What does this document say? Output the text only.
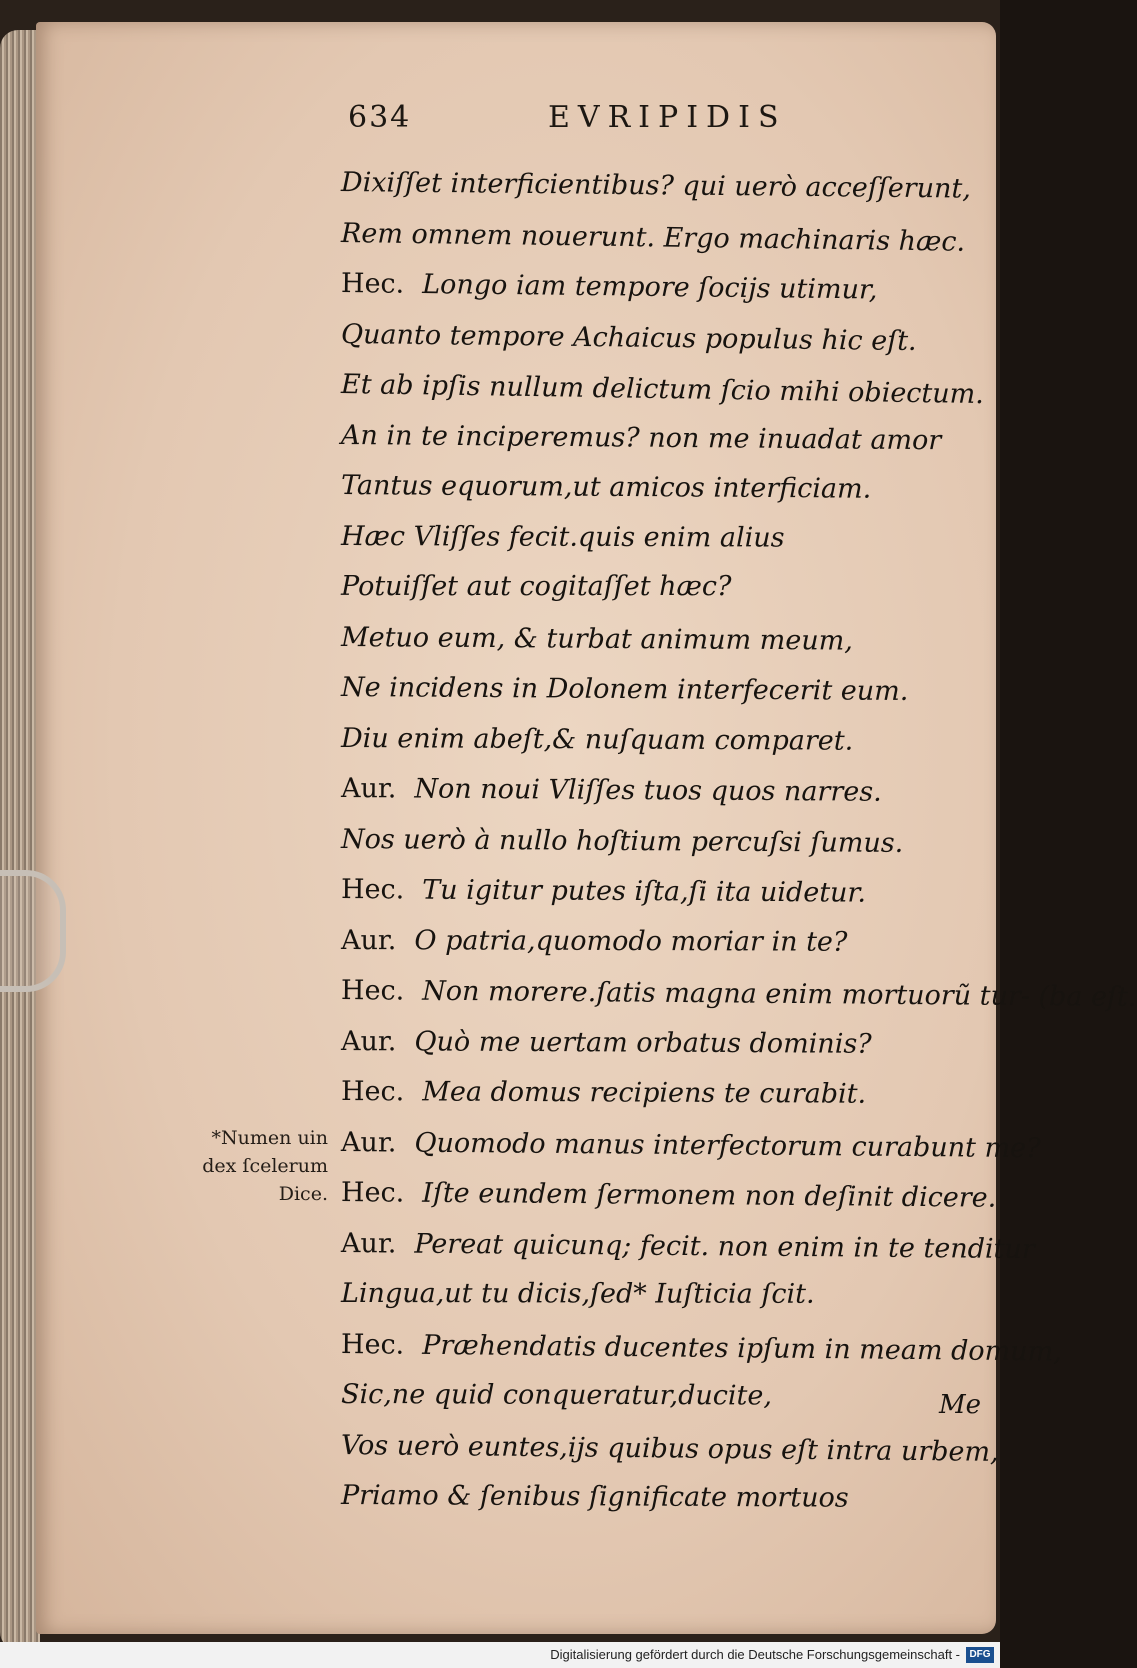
634	EVRIPIDIS
Dixiſſet interficientibus? qui uerò acceſſerunt,
Rem omnem nouerunt. Ergo machinaris hæc.
Hec. Longo iam tempore ſocijs utimur,
Quanto tempore Achaicus populus hic eſt.
Et ab ipſis nullum delictum ſcio mihi obiectum.
An in te inciperemus? non me inuadat amor
Tantus equorum,ut amicos interficiam.
Hæc Vliſſes fecit.quis enim alius
Potuiſſet aut cogitaſſet hæc?
Metuo eum, & turbat animum meum,
Ne incidens in Dolonem interfecerit eum.
Diu enim abeſt,& nuſquam comparet.
Aur. Non noui Vliſſes tuos quos narres.
Nos uerò à nullo hoſtium percuſsi ſumus.
Hec. Tu igitur putes iſta,ſi ita uidetur.
Aur. O patria,quomodo moriar in te?
Hec. Non morere.ſatis magna enim mortuorũ tur- (ba eſt.
Aur. Quò me uertam orbatus dominis?
Hec. Mea domus recipiens te curabit.
Aur. Quomodo manus interfectorum curabunt me?
Hec. Iſte eundem ſermonem non deſinit dicere.
Aur. Pereat quicunq; fecit. non enim in te tenditur
Lingua,ut tu dicis,ſed* Iuſticia ſcit.
Hec. Præhendatis ducentes ipſum in meam domum,
Sic,ne quid conqueratur,ducite,
Vos uerò euntes,ijs quibus opus eſt intra urbem,
Priamo & ſenibus ſignificate mortuos
*Numen uin
dex ſcelerum
Dice.
Me
Digitalisierung gefördert durch die Deutsche Forschungsgemeinschaft - DFG
